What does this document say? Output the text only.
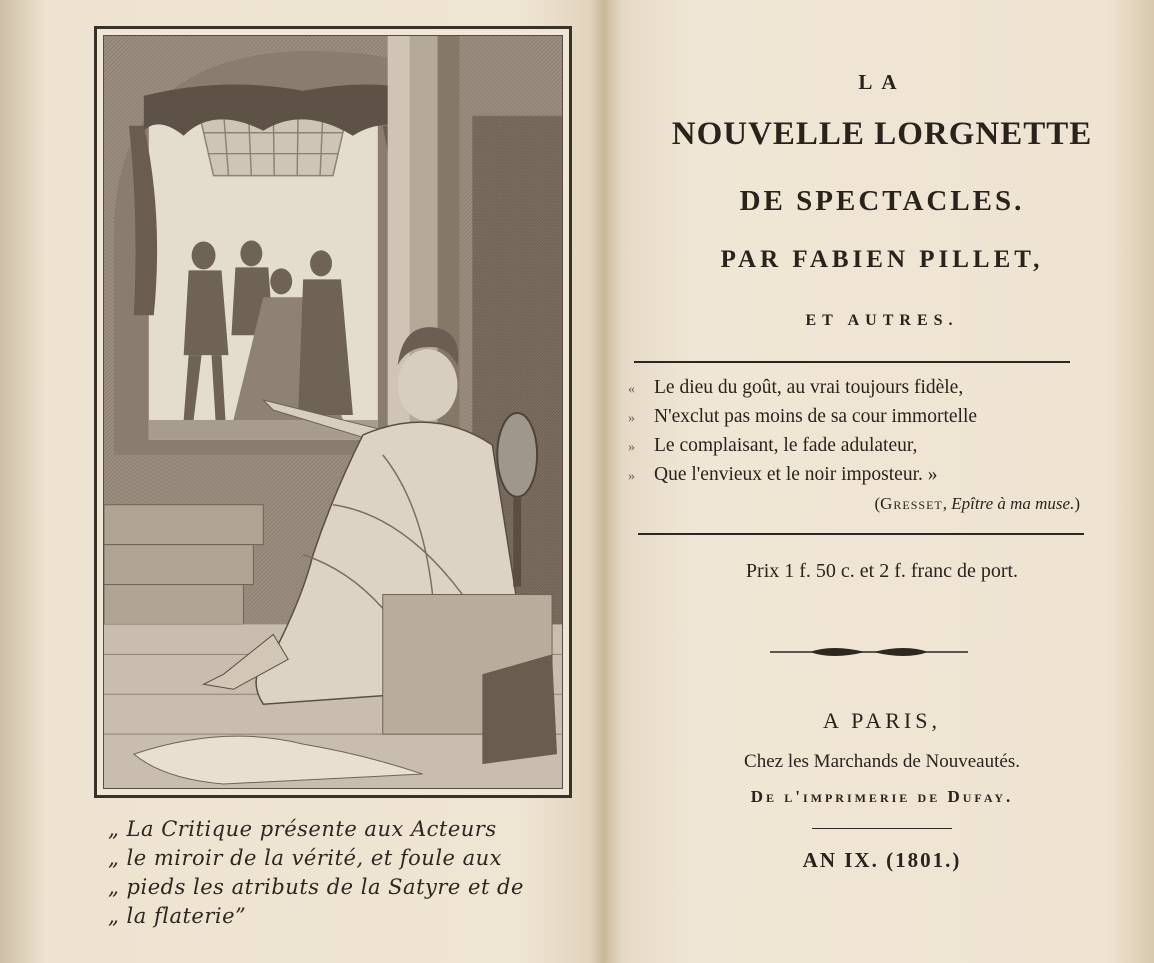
„ La Critique présente aux Acteurs
„ le miroir de la vérité, et foule aux
„ pieds les atributs de la Satyre et de
„ la flaterie”
LA
NOUVELLE LORGNETTE
DE SPECTACLES.
PAR FABIEN PILLET,
ET AUTRES.
« Le dieu du goût, au vrai toujours fidèle,
» N'exclut pas moins de sa cour immortelle
» Le complaisant, le fade adulateur,
» Que l'envieux et le noir imposteur. »
(Gresset, Epître à ma muse.)
Prix 1 f. 50 c. et 2 f. franc de port.
A PARIS,
Chez les Marchands de Nouveautés.
De l'imprimerie de Dufay.
AN IX. (1801.)
